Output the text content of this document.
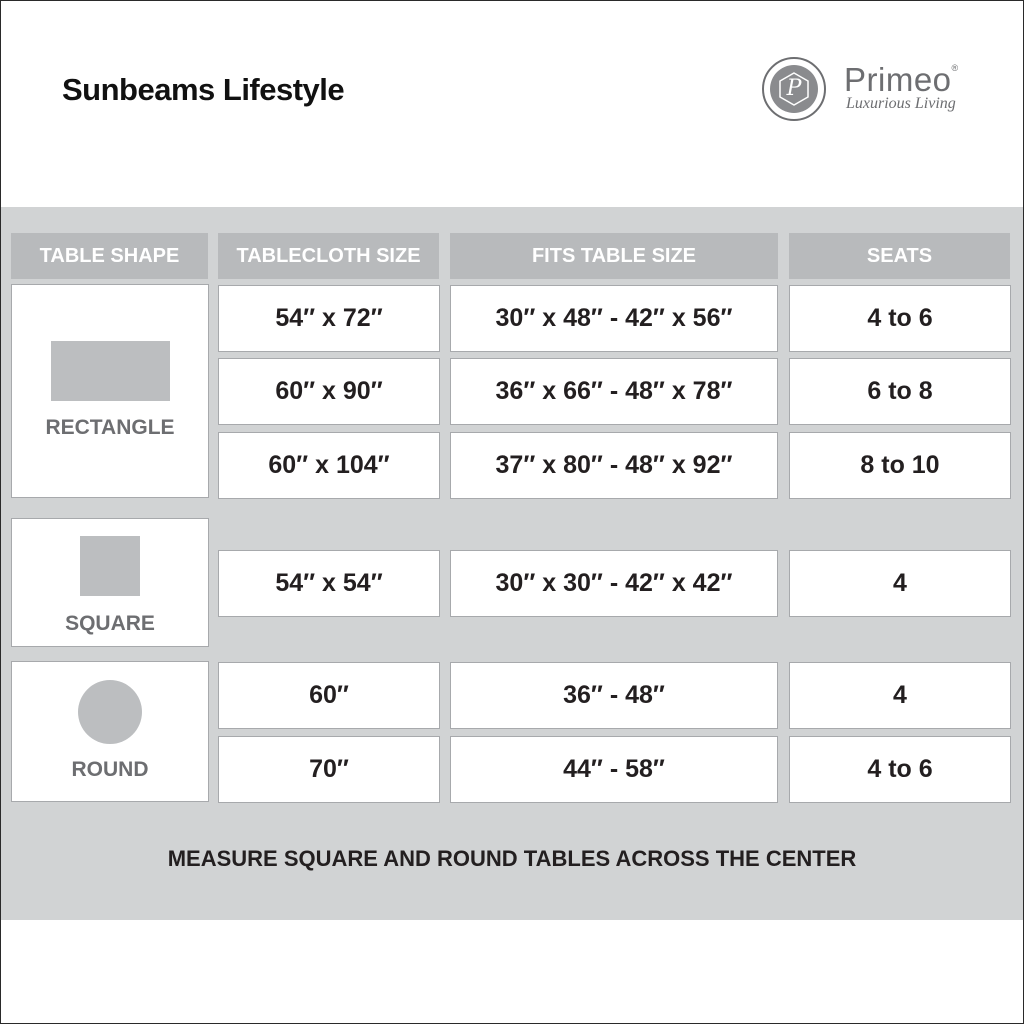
Sunbeams Lifestyle	P	Primeo®
Luxurious Living
TABLE SHAPE	TABLECLOTH SIZE	FITS TABLE SIZE	SEATS
RECTANGLE
54″ x 72″	30″ x 48″ - 42″ x 56″	4 to 6
60″ x 90″	36″ x 66″ - 48″ x 78″	6 to 8
60″ x 104″	37″ x 80″ - 48″ x 92″	8 to 10
SQUARE
54″ x 54″	30″ x 30″ - 42″ x 42″	4
ROUND
60″	36″ - 48″	4
70″	44″ - 58″	4 to 6
MEASURE SQUARE AND ROUND TABLES ACROSS THE CENTER
